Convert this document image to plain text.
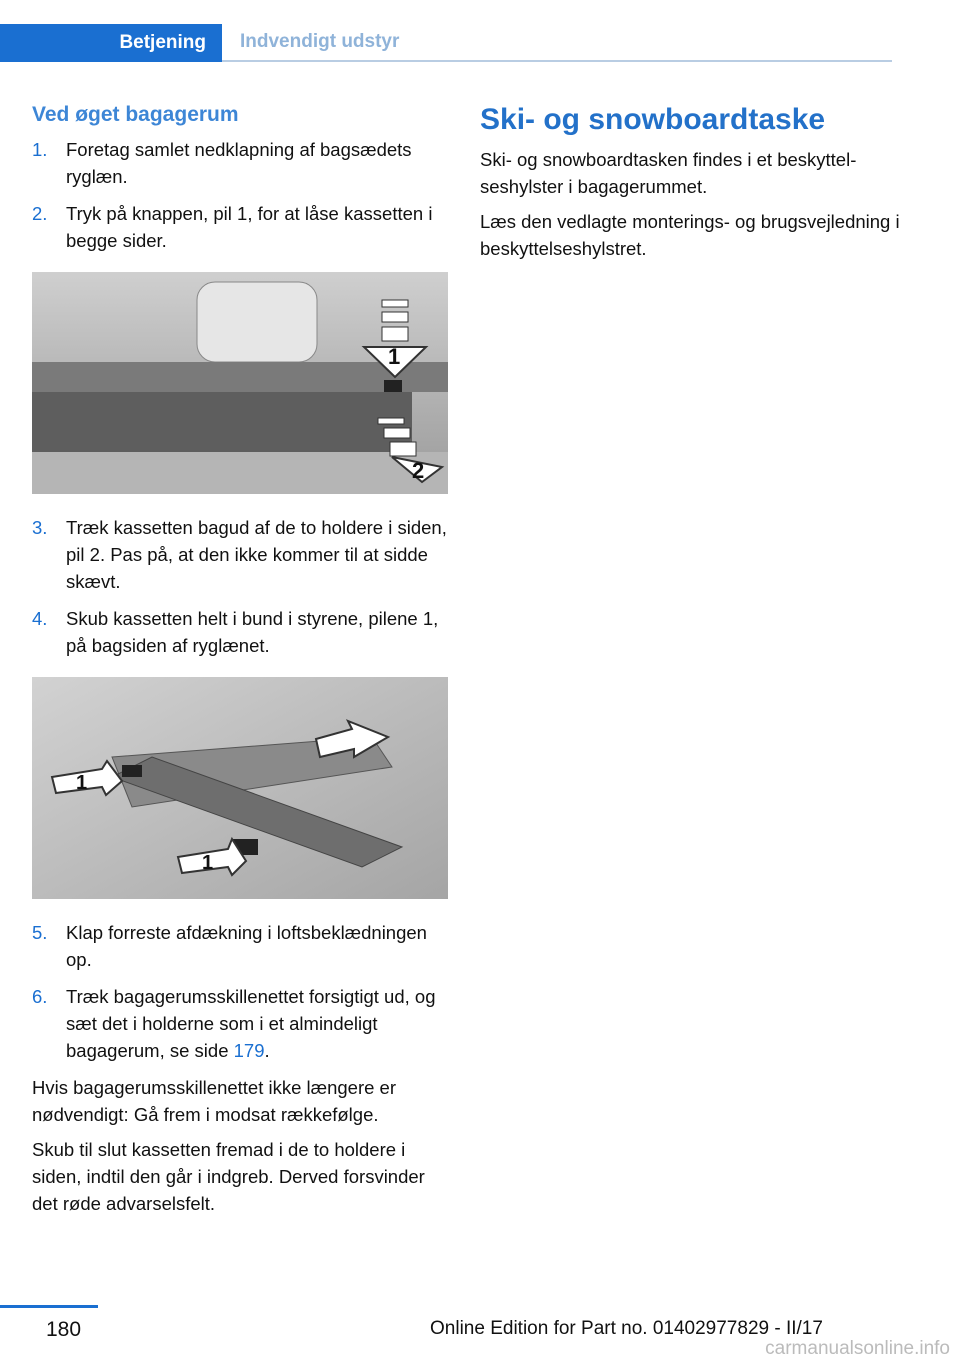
Betjening	Indvendigt udstyr
Ved øget bagagerum
1.	Foretag samlet nedklapning af bagsædets ryglæn.
2.	Tryk på knappen, pil 1, for at låse kassetten i begge sider.
1
2
3.	Træk kassetten bagud af de to holdere i siden, pil 2. Pas på, at den ikke kommer til at sidde skævt.
4.	Skub kassetten helt i bund i styrene, pilene 1, på bagsiden af ryglænet.
1
1
5.	Klap forreste afdækning i loftsbeklædningen op.
6.	Træk bagagerumsskillenettet forsigtigt ud, og sæt det i holderne som i et almindeligt bagagerum, se side 179.

Hvis bagagerumsskillenettet ikke længere er nødvendigt: Gå frem i modsat rækkefølge.

Skub til slut kassetten fremad i de to holdere i siden, indtil den går i indgreb. Derved forsvinder det røde advarselsfelt.

Ski- og snowboardtaske

Ski- og snowboardtasken findes i et beskyttelseshylster i bagagerummet.

Læs den vedlagte monterings- og brugsvejledning i beskyttelseshylstret.

180	Online Edition for Part no. 01402977829 - II/17
carmanualsonline.info
